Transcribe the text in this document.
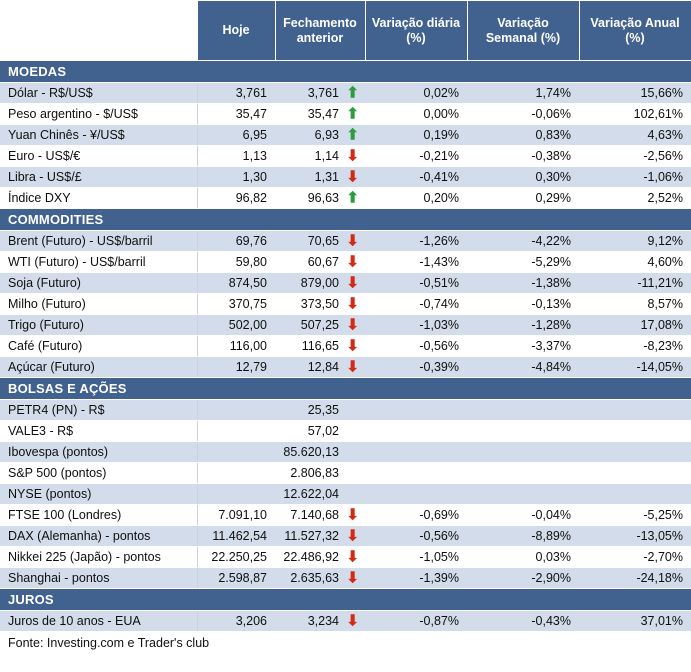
	Hoje	Fechamento anterior	Variação diária (%)	Variação Semanal (%)	Variação Anual (%)
MOEDAS					
Dólar - R$/US$	3,761	3,761 ⬆	0,02%	1,74%	15,66%
Peso argentino - $/US$	35,47	35,47 ⬆	0,00%	-0,06%	102,61%
Yuan Chinês - ¥/US$	6,95	6,93 ⬆	0,19%	0,83%	4,63%
Euro - US$/€	1,13	1,14 ⬇	-0,21%	-0,38%	-2,56%
Libra - US$/£	1,30	1,31 ⬇	-0,41%	0,30%	-1,06%
Índice DXY	96,82	96,63 ⬆	0,20%	0,29%	2,52%
COMMODITIES					
Brent (Futuro) - US$/barril	69,76	70,65 ⬇	-1,26%	-4,22%	9,12%
WTI (Futuro) - US$/barril	59,80	60,67 ⬇	-1,43%	-5,29%	4,60%
Soja (Futuro)	874,50	879,00 ⬇	-0,51%	-1,38%	-11,21%
Milho (Futuro)	370,75	373,50 ⬇	-0,74%	-0,13%	8,57%
Trigo (Futuro)	502,00	507,25 ⬇	-1,03%	-1,28%	17,08%
Café (Futuro)	116,00	116,65 ⬇	-0,56%	-3,37%	-8,23%
Açúcar (Futuro)	12,79	12,84 ⬇	-0,39%	-4,84%	-14,05%
BOLSAS E AÇÕES					
PETR4 (PN) - R$		25,35			
VALE3 - R$		57,02			
Ibovespa (pontos)		85.620,13			
S&P 500 (pontos)		2.806,83			
NYSE (pontos)		12.622,04			
FTSE 100 (Londres)	7.091,10	7.140,68 ⬇	-0,69%	-0,04%	-5,25%
DAX (Alemanha) - pontos	11.462,54	11.527,32 ⬇	-0,56%	-8,89%	-13,05%
Nikkei 225 (Japão) - pontos	22.250,25	22.486,92 ⬇	-1,05%	0,03%	-2,70%
Shanghai - pontos	2.598,87	2.635,63 ⬇	-1,39%	-2,90%	-24,18%
JUROS					
Juros de 10 anos - EUA	3,206	3,234 ⬇	-0,87%	-0,43%	37,01%
Fonte: Investing.com e Trader's club					
